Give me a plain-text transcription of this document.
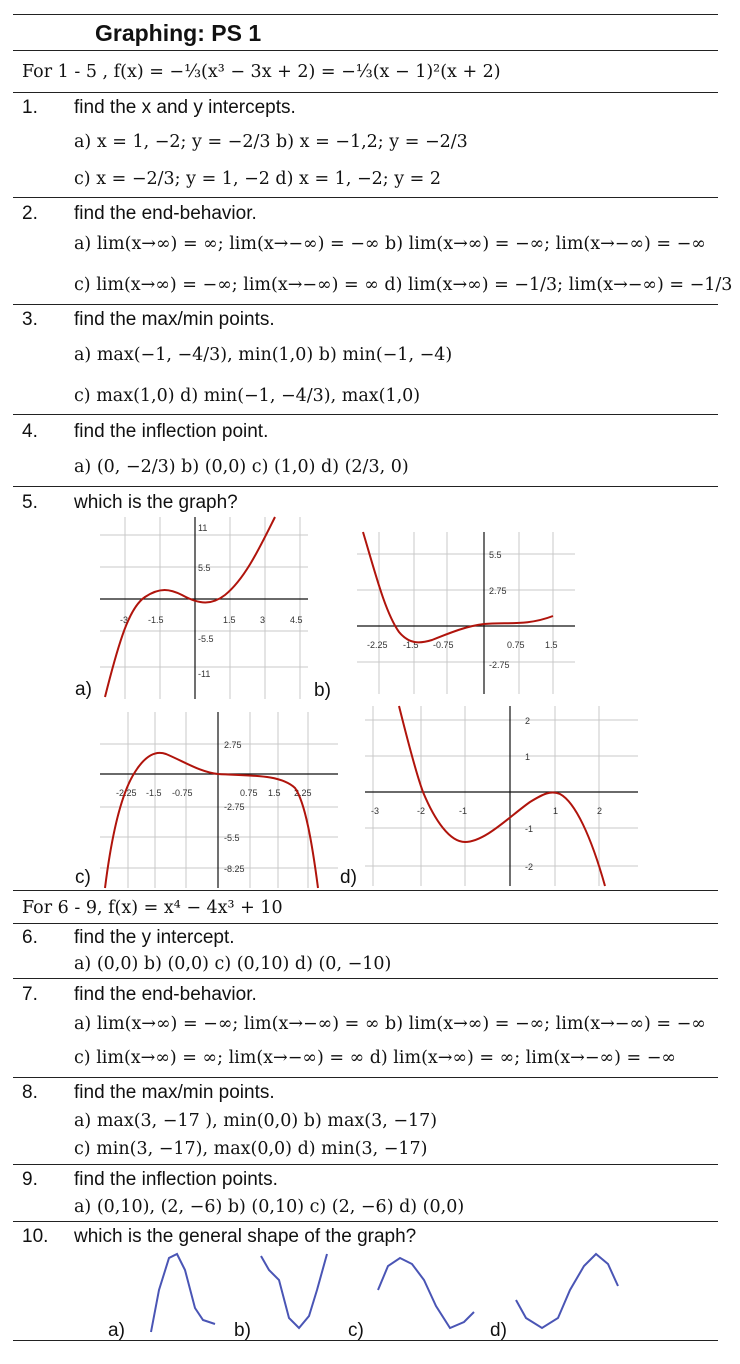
Graphing: PS 1
For 1 - 5 , f(x) = −⅓(x³ − 3x + 2) = −⅓(x − 1)²(x + 2)
1. find the x and y intercepts.
a) x = 1, −2; y = −2/3 b) x = −1,2; y = −2/3
c) x = −2/3; y = 1, −2 d) x = 1, −2; y = 2
2. find the end-behavior.
a) lim(x→∞) = ∞; lim(x→−∞) = −∞ b) lim(x→∞) = −∞; lim(x→−∞) = −∞
c) lim(x→∞) = −∞; lim(x→−∞) = ∞ d) lim(x→∞) = −1/3; lim(x→−∞) = −1/3
3. find the max/min points.
a) max(−1, −4/3), min(1,0) b) min(−1, −4)
c) max(1,0) d) min(−1, −4/3), max(1,0)
4. find the inflection point.
a) (0, −2/3) b) (0,0) c) (1,0) d) (2/3, 0)
5. which is the graph?
11
5.5
-3 -1.5	1.5	3	4.5
-5.5
-11
a)
5.5
2.75
-2.25 -1.5 -0.75	0.75 1.5
-2.75
b)
2.75
-2.25 -1.5 -0.75	0.75 1.5 2.25
-2.75
-5.5
-8.25
c)
2
1
-3	-2	-1	1	2
-1
-2
d)
For 6 - 9, f(x) = x⁴ − 4x³ + 10
6. find the y intercept.
a) (0,0) b) (0,0) c) (0,10) d) (0, −10)
7. find the end-behavior.
a) lim(x→∞) = −∞; lim(x→−∞) = ∞ b) lim(x→∞) = −∞; lim(x→−∞) = −∞
c) lim(x→∞) = ∞; lim(x→−∞) = ∞ d) lim(x→∞) = ∞; lim(x→−∞) = −∞
8. find the max/min points.
a) max(3, −17 ), min(0,0) b) max(3, −17)
c) min(3, −17), max(0,0) d) min(3, −17)
9. find the inflection points.
a) (0,10), (2, −6) b) (0,10) c) (2, −6) d) (0,0)
10. which is the general shape of the graph?
a)	b)	c)	d)
